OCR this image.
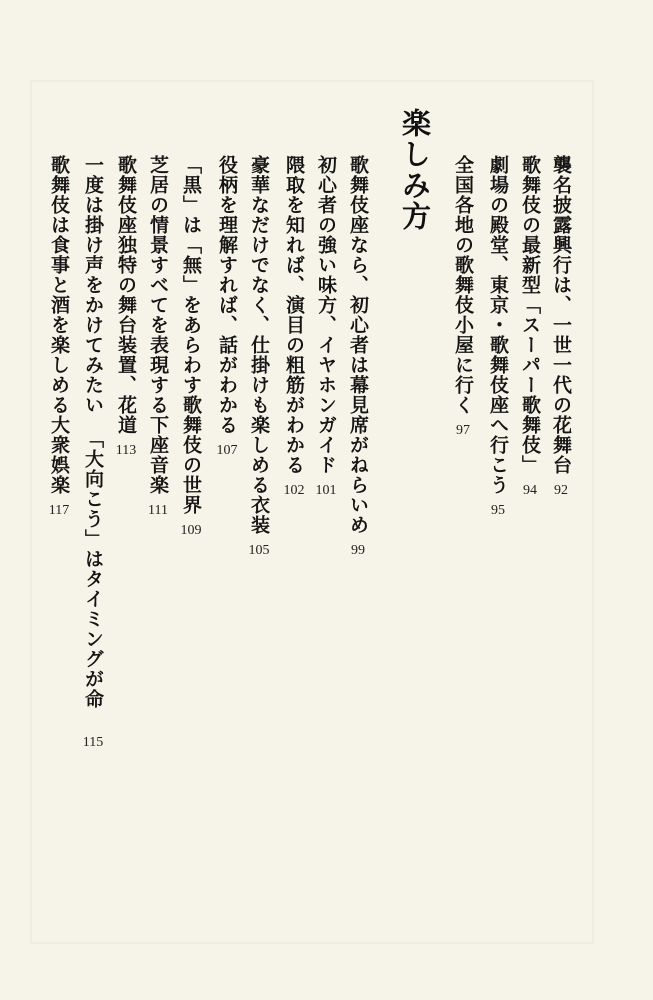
襲名披露興行は、一世一代の花舞台
92
歌舞伎の最新型「スーパー歌舞伎」
94
劇場の殿堂、東京・歌舞伎座へ行こう
95
全国各地の歌舞伎小屋に行く
97
楽しみ方
歌舞伎座なら、初心者は幕見席がねらいめ
99
初心者の強い味方、イヤホンガイド
101
隈取を知れば、演目の粗筋がわかる
102
豪華なだけでなく、仕掛けも楽しめる衣装
105
役柄を理解すれば、話がわかる
107
「黒」は「無」をあらわす歌舞伎の世界
109
芝居の情景すべてを表現する下座音楽
111
歌舞伎座独特の舞台装置、花道
113
一度は掛け声をかけてみたい
「大向こう」はタイミングが命
115
歌舞伎は食事と酒を楽しめる大衆娯楽
117
